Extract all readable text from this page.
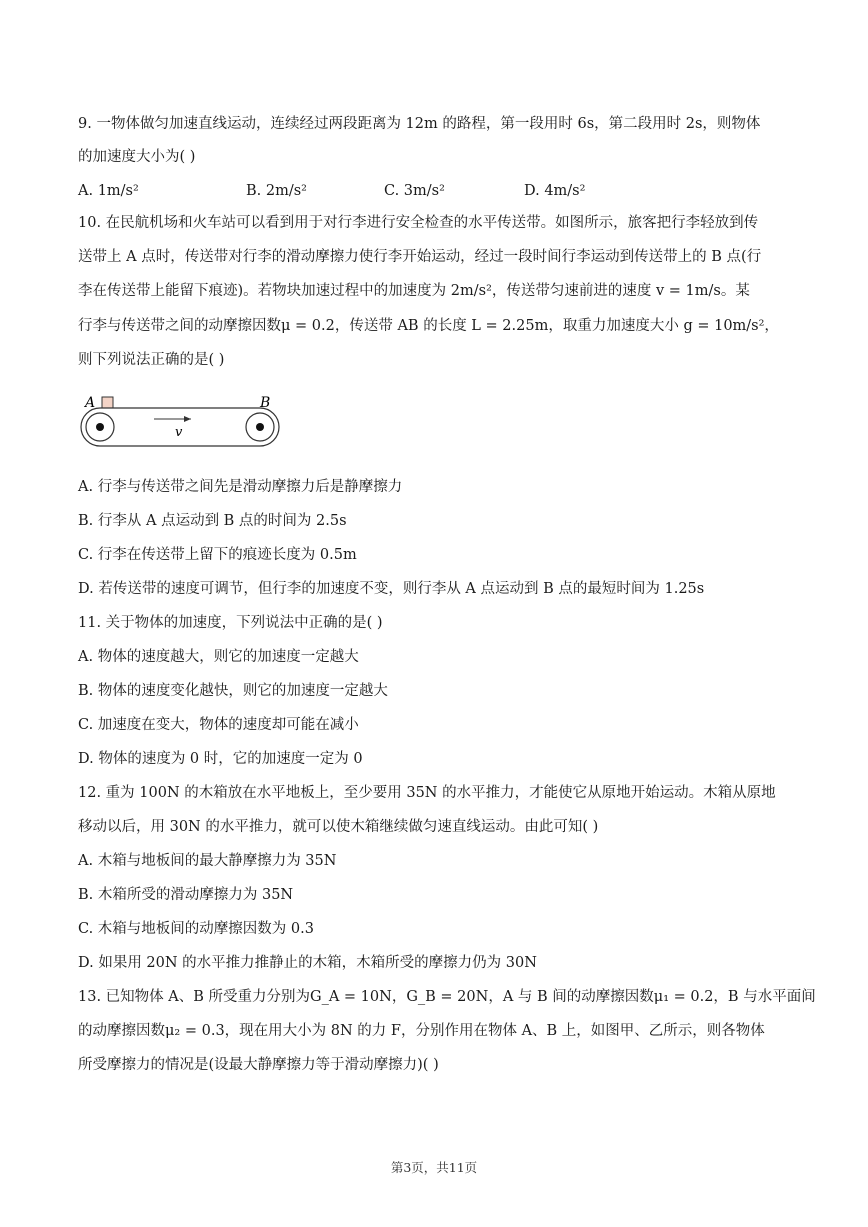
9. 一物体做匀加速直线运动，连续经过两段距离为 12m 的路程，第一段用时 6s，第二段用时 2s，则物体
的加速度大小为( )
A. 1m/s²	B. 2m/s²	C. 3m/s²	D. 4m/s²
10. 在民航机场和火车站可以看到用于对行李进行安全检查的水平传送带。如图所示，旅客把行李轻放到传
送带上 A 点时，传送带对行李的滑动摩擦力使行李开始运动，经过一段时间行李运动到传送带上的 B 点(行
李在传送带上能留下痕迹)。若物块加速过程中的加速度为 2m/s²，传送带匀速前进的速度 v = 1m/s。某
行李与传送带之间的动摩擦因数μ = 0.2，传送带 AB 的长度 L = 2.25m，取重力加速度大小 g = 10m/s²，
则下列说法正确的是( )
A	B
v
A. 行李与传送带之间先是滑动摩擦力后是静摩擦力
B. 行李从 A 点运动到 B 点的时间为 2.5s
C. 行李在传送带上留下的痕迹长度为 0.5m
D. 若传送带的速度可调节，但行李的加速度不变，则行李从 A 点运动到 B 点的最短时间为 1.25s
11. 关于物体的加速度，下列说法中正确的是( )
A. 物体的速度越大，则它的加速度一定越大
B. 物体的速度变化越快，则它的加速度一定越大
C. 加速度在变大，物体的速度却可能在减小
D. 物体的速度为 0 时，它的加速度一定为 0
12. 重为 100N 的木箱放在水平地板上，至少要用 35N 的水平推力，才能使它从原地开始运动。木箱从原地
移动以后，用 30N 的水平推力，就可以使木箱继续做匀速直线运动。由此可知( )
A. 木箱与地板间的最大静摩擦力为 35N
B. 木箱所受的滑动摩擦力为 35N
C. 木箱与地板间的动摩擦因数为 0.3
D. 如果用 20N 的水平推力推静止的木箱，木箱所受的摩擦力仍为 30N
13. 已知物体 A、B 所受重力分别为G_A = 10N，G_B = 20N，A 与 B 间的动摩擦因数μ₁ = 0.2，B 与水平面间
的动摩擦因数μ₂ = 0.3，现在用大小为 8N 的力 F，分别作用在物体 A、B 上，如图甲、乙所示，则各物体
所受摩擦力的情况是(设最大静摩擦力等于滑动摩擦力)( )
第3页，共11页
